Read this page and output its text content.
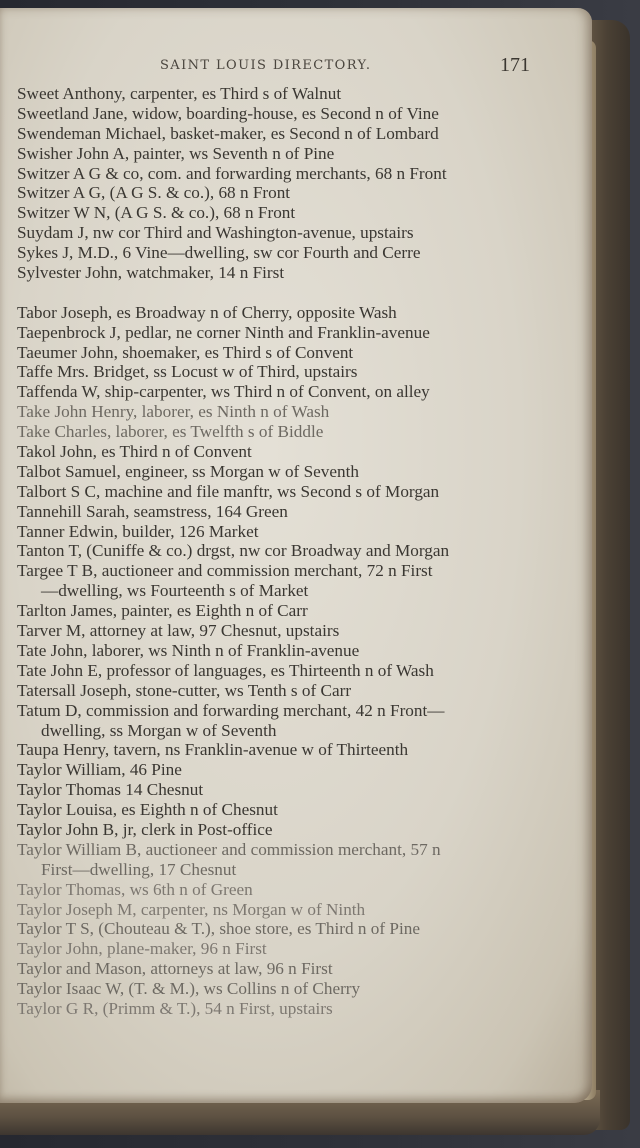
SAINT LOUIS DIRECTORY.	171
Sweet Anthony, carpenter, es Third s of Walnut
Sweetland Jane, widow, boarding-house, es Second n of Vine
Swendeman Michael, basket-maker, es Second n of Lombard
Swisher John A, painter, ws Seventh n of Pine
Switzer A G & co, com. and forwarding merchants, 68 n Front
Switzer A G, (A G S. & co.), 68 n Front
Switzer W N, (A G S. & co.), 68 n Front
Suydam J, nw cor Third and Washington-avenue, upstairs
Sykes J, M.D., 6 Vine—dwelling, sw cor Fourth and Cerre
Sylvester John, watchmaker, 14 n First
Tabor Joseph, es Broadway n of Cherry, opposite Wash
Taepenbrock J, pedlar, ne corner Ninth and Franklin-avenue
Taeumer John, shoemaker, es Third s of Convent
Taffe Mrs. Bridget, ss Locust w of Third, upstairs
Taffenda W, ship-carpenter, ws Third n of Convent, on alley
Take John Henry, laborer, es Ninth n of Wash
Take Charles, laborer, es Twelfth s of Biddle
Takol John, es Third n of Convent
Talbot Samuel, engineer, ss Morgan w of Seventh
Talbort S C, machine and file manftr, ws Second s of Morgan
Tannehill Sarah, seamstress, 164 Green
Tanner Edwin, builder, 126 Market
Tanton T, (Cuniffe & co.) drgst, nw cor Broadway and Morgan
Targee T B, auctioneer and commission merchant, 72 n First
—dwelling, ws Fourteenth s of Market
Tarlton James, painter, es Eighth n of Carr
Tarver M, attorney at law, 97 Chesnut, upstairs
Tate John, laborer, ws Ninth n of Franklin-avenue
Tate John E, professor of languages, es Thirteenth n of Wash
Tatersall Joseph, stone-cutter, ws Tenth s of Carr
Tatum D, commission and forwarding merchant, 42 n Front—
dwelling, ss Morgan w of Seventh
Taupa Henry, tavern, ns Franklin-avenue w of Thirteenth
Taylor William, 46 Pine
Taylor Thomas 14 Chesnut
Taylor Louisa, es Eighth n of Chesnut
Taylor John B, jr, clerk in Post-office
Taylor William B, auctioneer and commission merchant, 57 n
First—dwelling, 17 Chesnut
Taylor Thomas, ws 6th n of Green
Taylor Joseph M, carpenter, ns Morgan w of Ninth
Taylor T S, (Chouteau & T.), shoe store, es Third n of Pine
Taylor John, plane-maker, 96 n First
Taylor and Mason, attorneys at law, 96 n First
Taylor Isaac W, (T. & M.), ws Collins n of Cherry
Taylor G R, (Primm & T.), 54 n First, upstairs
